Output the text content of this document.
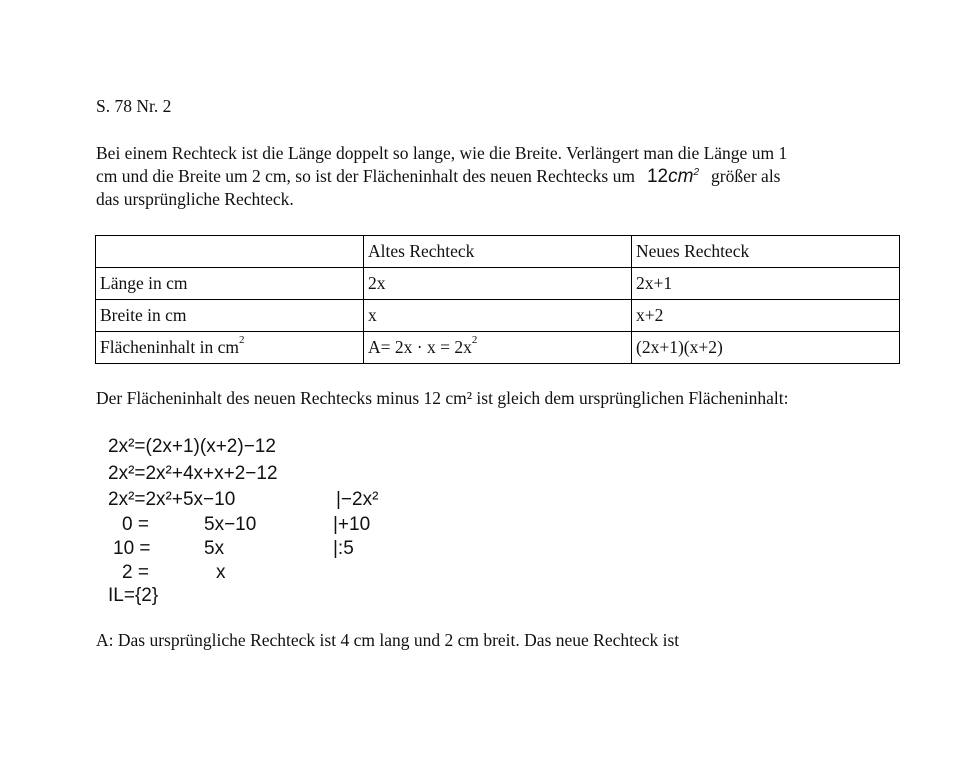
S. 78 Nr. 2
Bei einem Rechteck ist die Länge doppelt so lange, wie die Breite. Verlängert man die Länge um 1
cm und die Breite um 2 cm, so ist der Flächeninhalt des neuen Rechtecks um $12cm^2$ größer als
das ursprüngliche Rechteck.
	Altes Rechteck	Neues Rechteck
Länge in cm	2x	2x+1
Breite in cm	x	x+2
Flächeninhalt in $cm^2$	$A= 2x \cdot x = 2x^2$	(2x+1)(x+2)
Der Flächeninhalt des neuen Rechtecks minus 12 cm² ist gleich dem ursprünglichen Flächeninhalt:
2x²=(2x+1)(x+2)−12
2x²=2x²+4x+x+2−12
2x²=2x²+5x−10	|−2x²
0 =	5x−10	|+10
10 =	5x	|:5
2 =	x
IL={2}
A: Das ursprüngliche Rechteck ist 4 cm lang und 2 cm breit. Das neue Rechteck ist
